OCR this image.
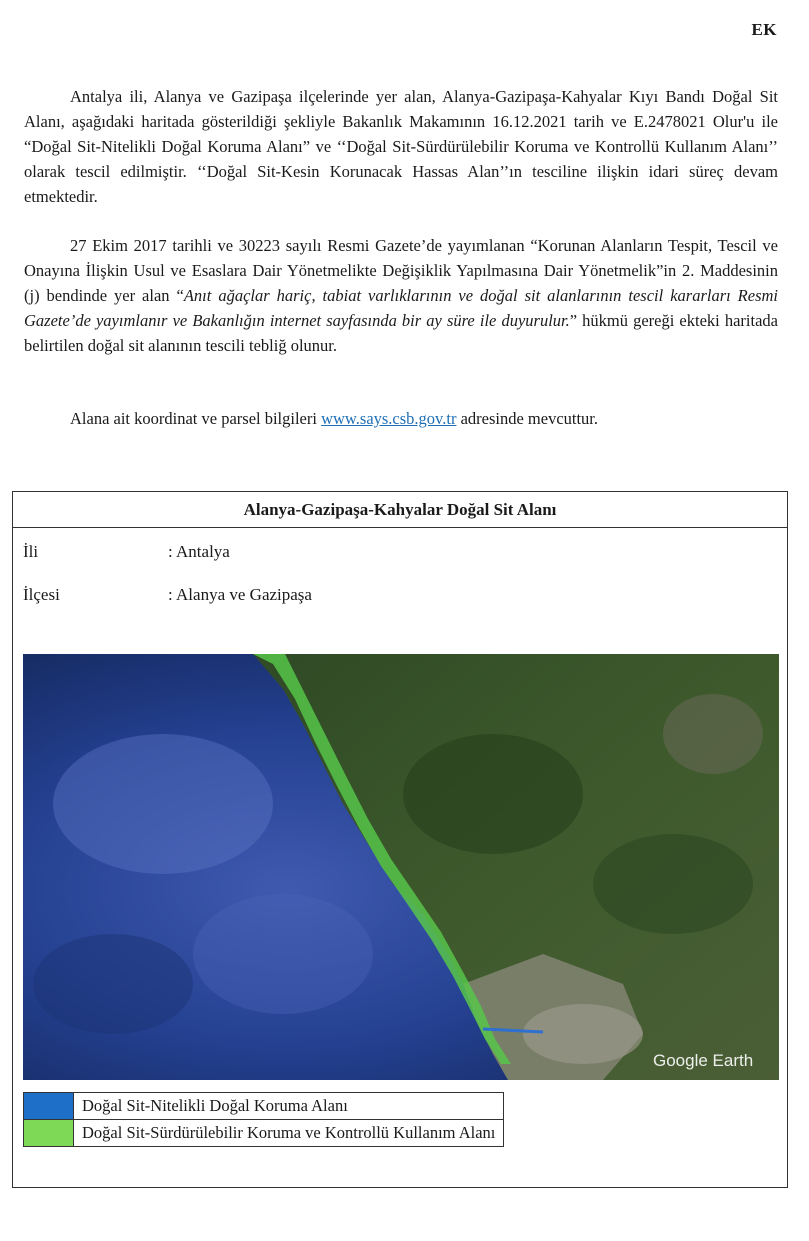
EK

Antalya ili, Alanya ve Gazipaşa ilçelerinde yer alan, Alanya-Gazipaşa-Kahyalar Kıyı Bandı Doğal Sit Alanı, aşağıdaki haritada gösterildiği şekliyle Bakanlık Makamının 16.12.2021 tarih ve E.2478021 Olur'u ile “Doğal Sit-Nitelikli Doğal Koruma Alanı” ve ‘‘Doğal Sit-Sürdürülebilir Koruma ve Kontrollü Kullanım Alanı’’ olarak tescil edilmiştir. ‘‘Doğal Sit-Kesin Korunacak Hassas Alan’’ın tesciline ilişkin idari süreç devam etmektedir.

27 Ekim 2017 tarihli ve 30223 sayılı Resmi Gazete’de yayımlanan “Korunan Alanların Tespit, Tescil ve Onayına İlişkin Usul ve Esaslara Dair Yönetmelikte Değişiklik Yapılmasına Dair Yönetmelik”in 2. Maddesinin (j) bendinde yer alan “Anıt ağaçlar hariç, tabiat varlıklarının ve doğal sit alanlarının tescil kararları Resmi Gazete’de yayımlanır ve Bakanlığın internet sayfasında bir ay süre ile duyurulur.” hükmü gereği ekteki haritada belirtilen doğal sit alanının tescili tebliğ olunur.

Alana ait koordinat ve parsel bilgileri www.says.csb.gov.tr adresinde mevcuttur.

Alanya-Gazipaşa-Kahyalar Doğal Sit Alanı
İli	: Antalya
İlçesi	: Alanya ve Gazipaşa
Google Earth
	Doğal Sit-Nitelikli Doğal Koruma Alanı
	Doğal Sit-Sürdürülebilir Koruma ve Kontrollü Kullanım Alanı
